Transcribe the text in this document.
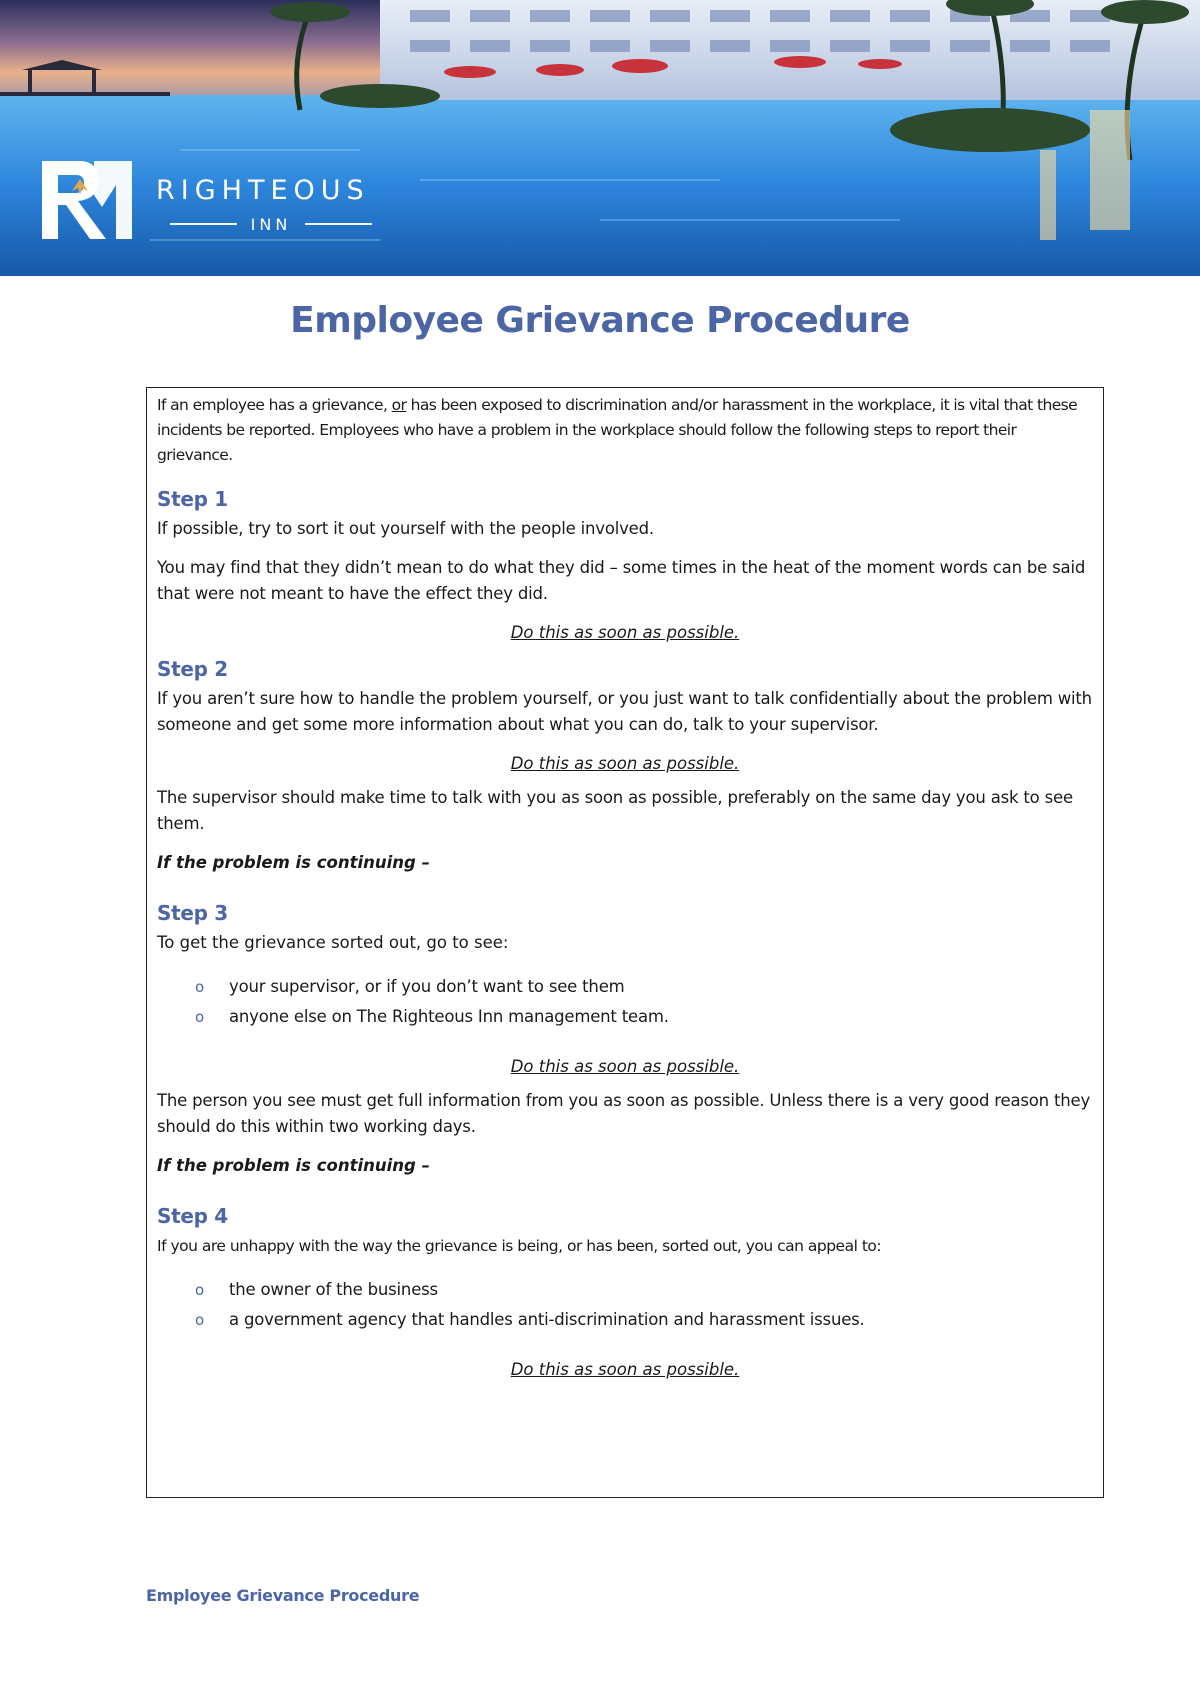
RIGHTEOUS
INN
Employee Grievance Procedure

If an employee has a grievance, or has been exposed to discrimination and/or harassment in the workplace, it is vital that these incidents be reported. Employees who have a problem in the workplace should follow the following steps to report their grievance.

Step 1

If possible, try to sort it out yourself with the people involved.

You may find that they didn’t mean to do what they did – some times in the heat of the moment words can be said that were not meant to have the effect they did.

Do this as soon as possible.

Step 2

If you aren’t sure how to handle the problem yourself, or you just want to talk confidentially about the problem with someone and get some more information about what you can do, talk to your supervisor.

Do this as soon as possible.

The supervisor should make time to talk with you as soon as possible, preferably on the same day you ask to see them.

If the problem is continuing –

Step 3

To get the grievance sorted out, go to see:

o your supervisor, or if you don’t want to see them
o anyone else on The Righteous Inn management team.

Do this as soon as possible.

The person you see must get full information from you as soon as possible. Unless there is a very good reason they should do this within two working days.

If the problem is continuing –

Step 4

If you are unhappy with the way the grievance is being, or has been, sorted out, you can appeal to:

o the owner of the business
o a government agency that handles anti-discrimination and harassment issues.

Do this as soon as possible.

Employee Grievance Procedure
